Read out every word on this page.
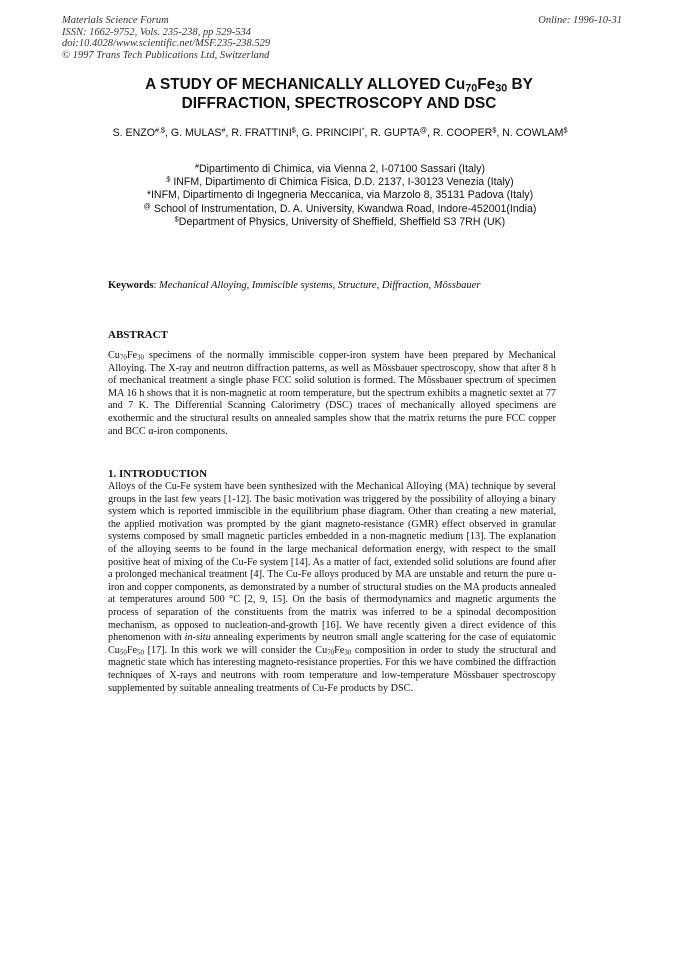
Materials Science Forum
ISSN: 1662-9752, Vols. 235-238, pp 529-534
doi:10.4028/www.scientific.net/MSF.235-238.529
© 1997 Trans Tech Publications Ltd, Switzerland
Online: 1996-10-31
A STUDY OF MECHANICALLY ALLOYED $Cu_{70}Fe_{30}$ BY DIFFRACTION, SPECTROSCOPY AND DSC
S. ENZO#,$, G. MULAS#, R. FRATTINI$, G. PRINCIPI*, R. GUPTA@, R. COOPER$, N. COWLAM$
#Dipartimento di Chimica, via Vienna 2, I-07100 Sassari (Italy)
$ INFM, Dipartimento di Chimica Fisica, D.D. 2137, I-30123 Venezia (Italy)
*INFM, Dipartimento di Ingegneria Meccanica, via Marzolo 8, 35131 Padova (Italy)
@ School of Instrumentation, D. A. University, Kwandwa Road, Indore-452001(India)
$Department of Physics, University of Sheffield, Sheffield S3 7RH (UK)
Keywords: Mechanical Alloying, Immiscible systems, Structure, Diffraction, Mössbauer
ABSTRACT
$Cu_{70}Fe_{30}$ specimens of the normally immiscible copper-iron system have been prepared by Mechanical Alloying. The X-ray and neutron diffraction patterns, as well as Mössbauer spectroscopy, show that after 8 h of mechanical treatment a single phase FCC solid solution is formed. The Mössbauer spectrum of specimen MA 16 h shows that it is non-magnetic at room temperature, but the spectrum exhibits a magnetic sextet at 77 and 7 K. The Differential Scanning Calorimetry (DSC) traces of mechanically alloyed specimens are exothermic and the structural results on annealed samples show that the matrix returns the pure FCC copper and BCC α-iron components.
1. INTRODUCTION
Alloys of the Cu-Fe system have been synthesized with the Mechanical Alloying (MA) technique by several groups in the last few years [1-12]. The basic motivation was triggered by the possibility of alloying a binary system which is reported immiscible in the equilibrium phase diagram. Other than creating a new material, the applied motivation was prompted by the giant magneto-resistance (GMR) effect observed in granular systems composed by small magnetic particles embedded in a non-magnetic medium [13]. The explanation of the alloying seems to be found in the large mechanical deformation energy, with respect to the small positive heat of mixing of the Cu-Fe system [14]. As a matter of fact, extended solid solutions are found after a prolonged mechanical treatment [4]. The Cu-Fe alloys produced by MA are unstable and return the pure α-iron and copper components, as demonstrated by a number of structural studies on the MA products annealed at temperatures around 500 °C [2, 9, 15]. On the basis of thermodynamics and magnetic arguments the process of separation of the constituents from the matrix was inferred to be a spinodal decomposition mechanism, as opposed to nucleation-and-growth [16]. We have recently given a direct evidence of this phenomenon with in-situ annealing experiments by neutron small angle scattering for the case of equiatomic $Cu_{50}Fe_{50}$ [17]. In this work we will consider the $Cu_{70}Fe_{30}$ composition in order to study the structural and magnetic state which has interesting magneto-resistance properties. For this we have combined the diffraction techniques of X-rays and neutrons with room temperature and low-temperature Mössbauer spectroscopy supplemented by suitable annealing treatments of Cu-Fe products by DSC.
